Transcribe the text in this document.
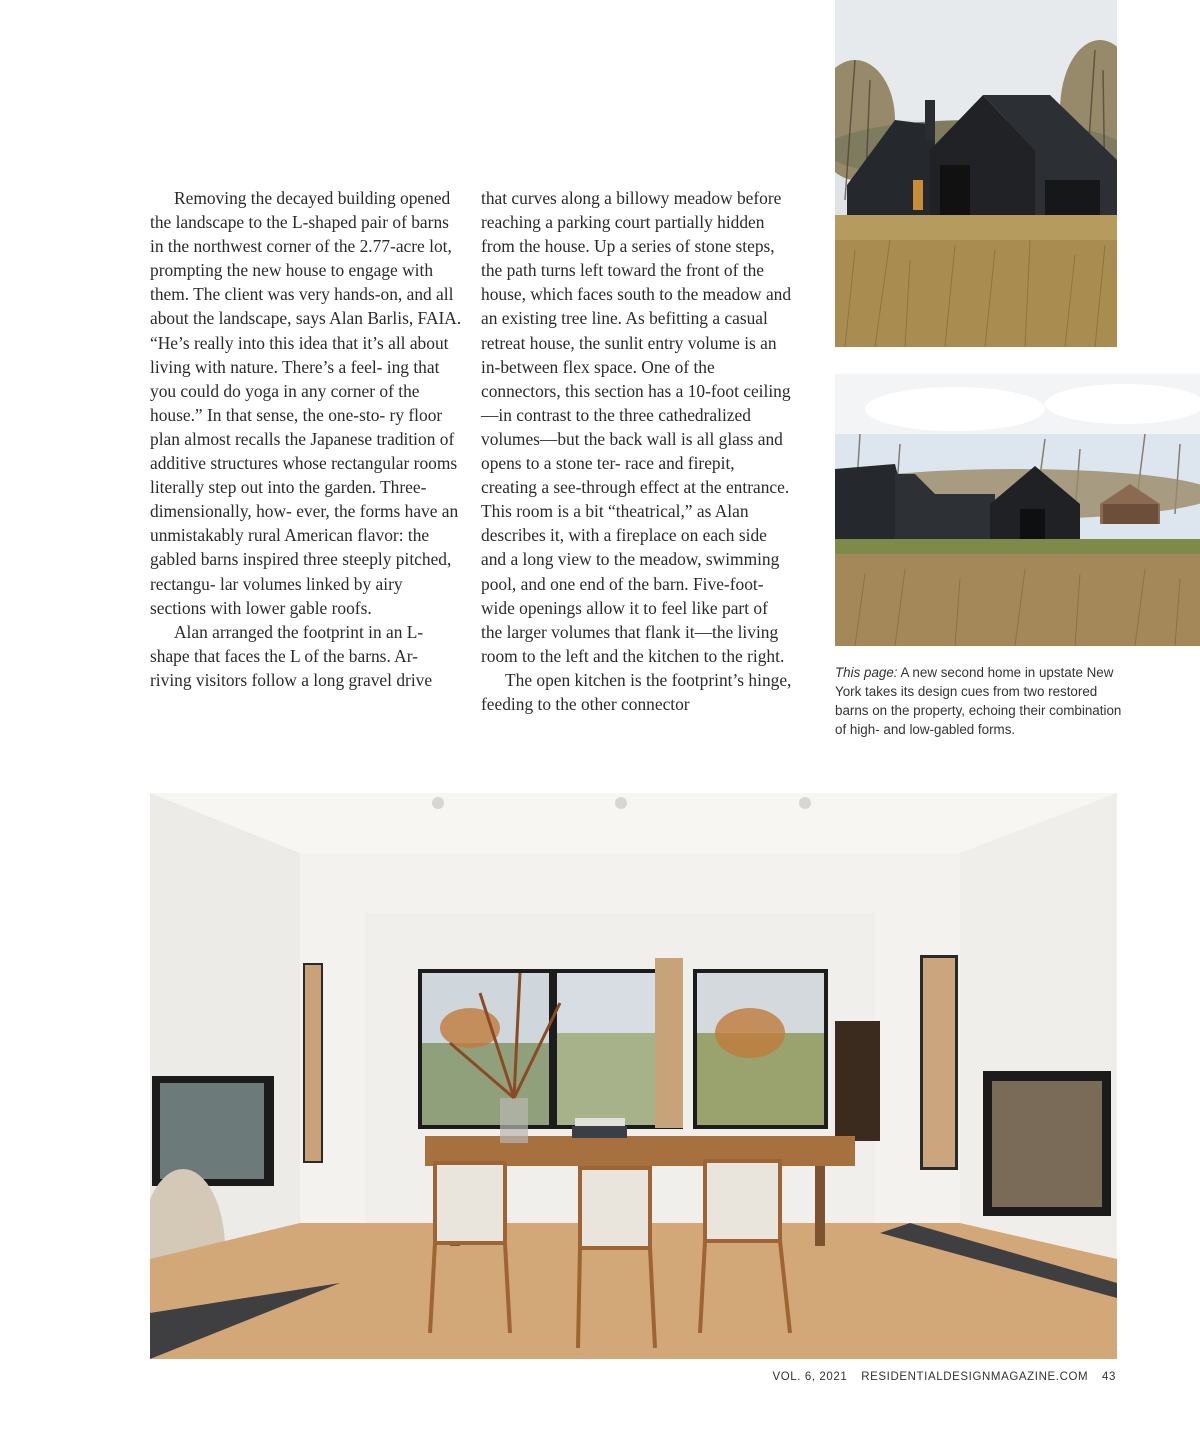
Removing the decayed building opened the landscape to the L-shaped pair of barns in the northwest corner of the 2.77-acre lot, prompting the new house to engage with them. The client was very hands-on, and all about the landscape, says Alan Barlis, FAIA. “He’s really into this idea that it’s all about living with nature. There’s a feel- ing that you could do yoga in any corner of the house.” In that sense, the one-sto- ry floor plan almost recalls the Japanese tradition of additive structures whose rectangular rooms literally step out into the garden. Three-dimensionally, how- ever, the forms have an unmistakably rural American flavor: the gabled barns inspired three steeply pitched, rectangu- lar volumes linked by airy sections with lower gable roofs.

Alan arranged the footprint in an L-shape that faces the L of the barns. Ar- riving visitors follow a long gravel drive

that curves along a billowy meadow before reaching a parking court partially hidden from the house. Up a series of stone steps, the path turns left toward the front of the house, which faces south to the meadow and an existing tree line. As befitting a casual retreat house, the sunlit entry volume is an in-between flex space. One of the connectors, this section has a 10-foot ceiling—in contrast to the three cathedralized volumes—but the back wall is all glass and opens to a stone ter- race and firepit, creating a see-through effect at the entrance. This room is a bit “theatrical,” as Alan describes it, with a fireplace on each side and a long view to the meadow, swimming pool, and one end of the barn. Five-foot-wide openings allow it to feel like part of the larger volumes that flank it—the living room to the left and the kitchen to the right.

The open kitchen is the footprint’s hinge, feeding to the other connector

This page: A new second home in upstate New York takes its design cues from two restored barns on the property, echoing their combination of high- and low-gabled forms.
VOL. 6, 2021 RESIDENTIALDESIGNMAGAZINE.COM 43
